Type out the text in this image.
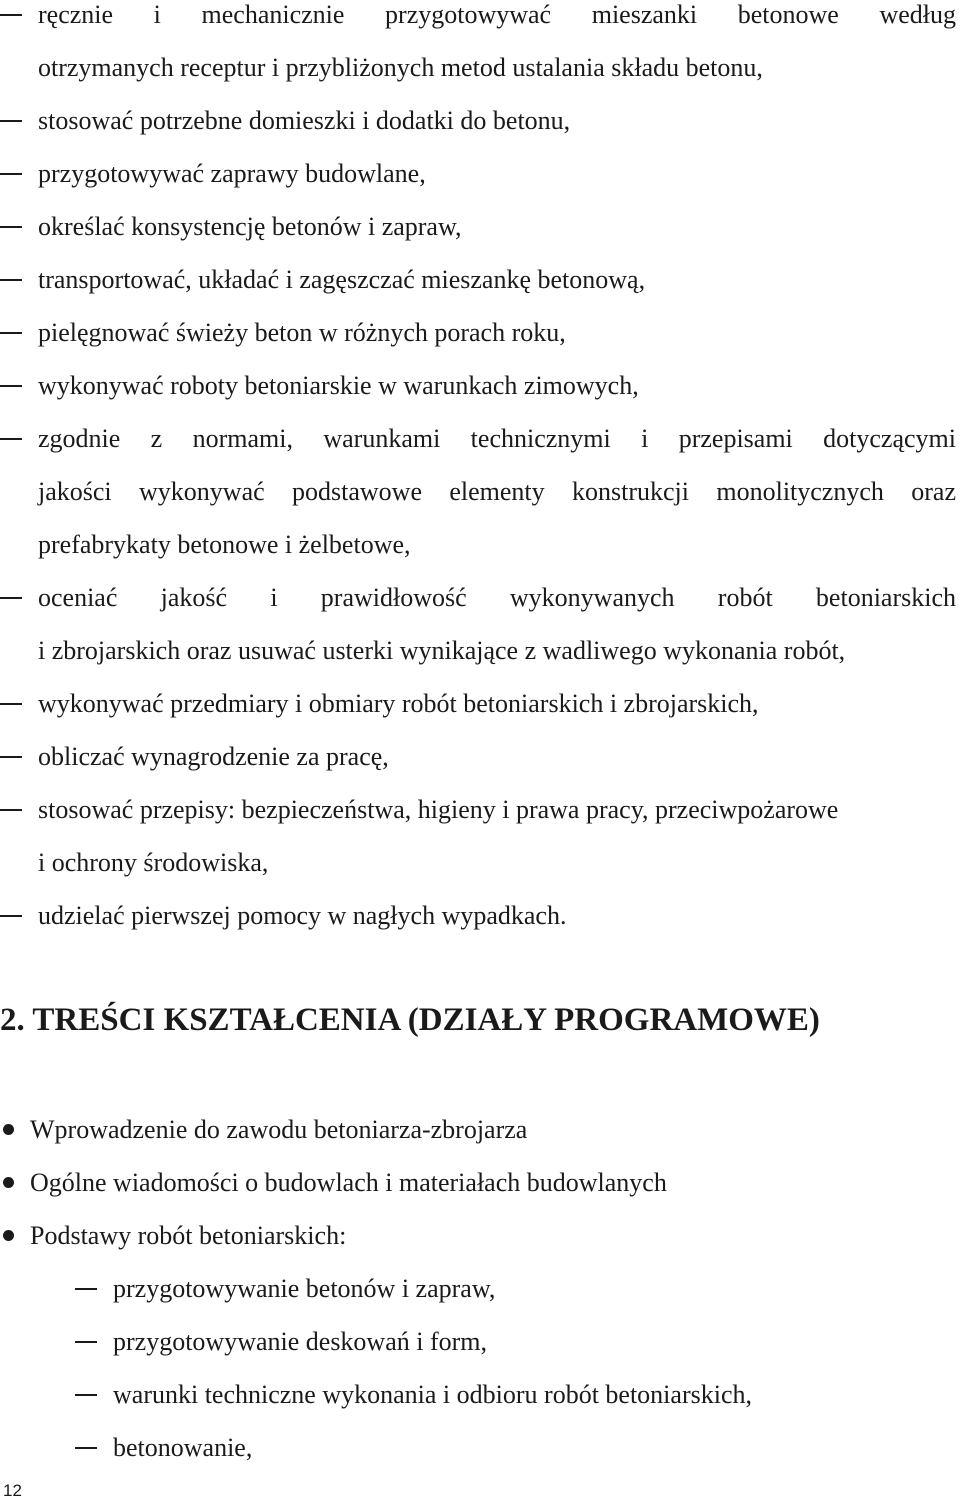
ręcznie i mechanicznie przygotowywać mieszanki betonowe według
otrzymanych receptur i przybliżonych metod ustalania składu betonu,
stosować potrzebne domieszki i dodatki do betonu,
przygotowywać zaprawy budowlane,
określać konsystencję betonów i zapraw,
transportować, układać i zagęszczać mieszankę betonową,
pielęgnować świeży beton w różnych porach roku,
wykonywać roboty betoniarskie w warunkach zimowych,
zgodnie z normami, warunkami technicznymi i przepisami dotyczącymi
jakości wykonywać podstawowe elementy konstrukcji monolitycznych oraz
prefabrykaty betonowe i żelbetowe,
oceniać jakość i prawidłowość wykonywanych robót betoniarskich
i zbrojarskich oraz usuwać usterki wynikające z wadliwego wykonania robót,
wykonywać przedmiary i obmiary robót betoniarskich i zbrojarskich,
obliczać wynagrodzenie za pracę,
stosować przepisy: bezpieczeństwa, higieny i prawa pracy, przeciwpożarowe
i ochrony środowiska,
udzielać pierwszej pomocy w nagłych wypadkach.
2. TREŚCI KSZTAŁCENIA (DZIAŁY PROGRAMOWE)
Wprowadzenie do zawodu betoniarza-zbrojarza
Ogólne wiadomości o budowlach i materiałach budowlanych
Podstawy robót betoniarskich:
przygotowywanie betonów i zapraw,
przygotowywanie deskowań i form,
warunki techniczne wykonania i odbioru robót betoniarskich,
betonowanie,
12
